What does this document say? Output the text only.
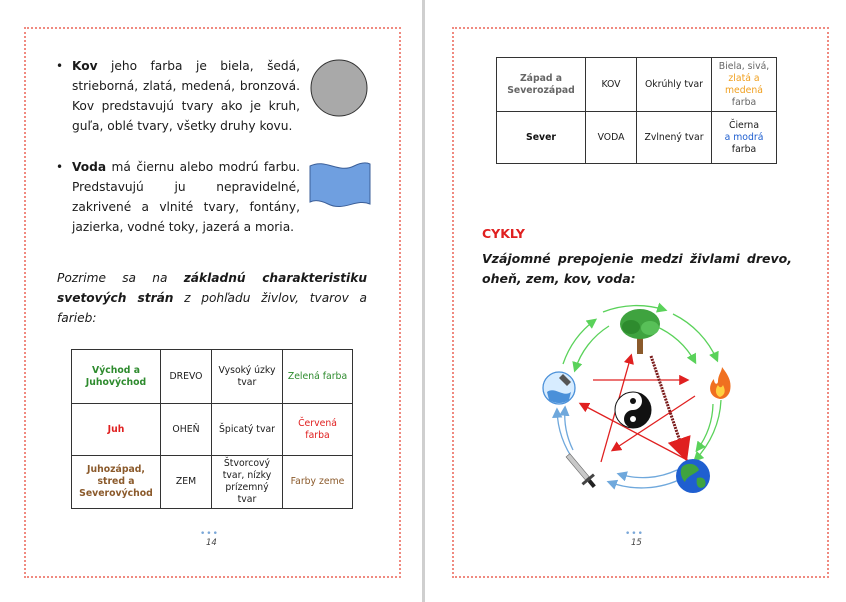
• Kov jeho farba je biela, šedá, strieborná, zlatá, medená, bronzová. Kov predstavujú tvary ako je kruh, guľa, oblé tvary, všetky druhy kovu.
• Voda má čiernu alebo modrú farbu. Predstavujú ju nepravidelné, zakrivené a vlnité tvary, fontány, jazierka, vodné toky, jazerá a moria.
Pozrime sa na základnú charakteristiku svetových strán z pohľadu živlov, tvarov a farieb:
Východ a Juhovýchod	DREVO	Vysoký úzky tvar	Zelená farba
Juh	OHEŇ	Špicatý tvar	Červená farba
Juhozápad, stred a Severovýchod	ZEM	Štvorcový tvar, nízky prízemný tvar	Farby zeme
•••
14
Západ a Severozápad	KOV	Okrúhly tvar	Biela, sivá,
zlatá a medená
farba
Sever	VODA	Zvlnený tvar	Čierna
a modrá
farba
CYKLY
Vzájomné prepojenie medzi živlami drevo, oheň, zem, kov, voda:
•••
15
